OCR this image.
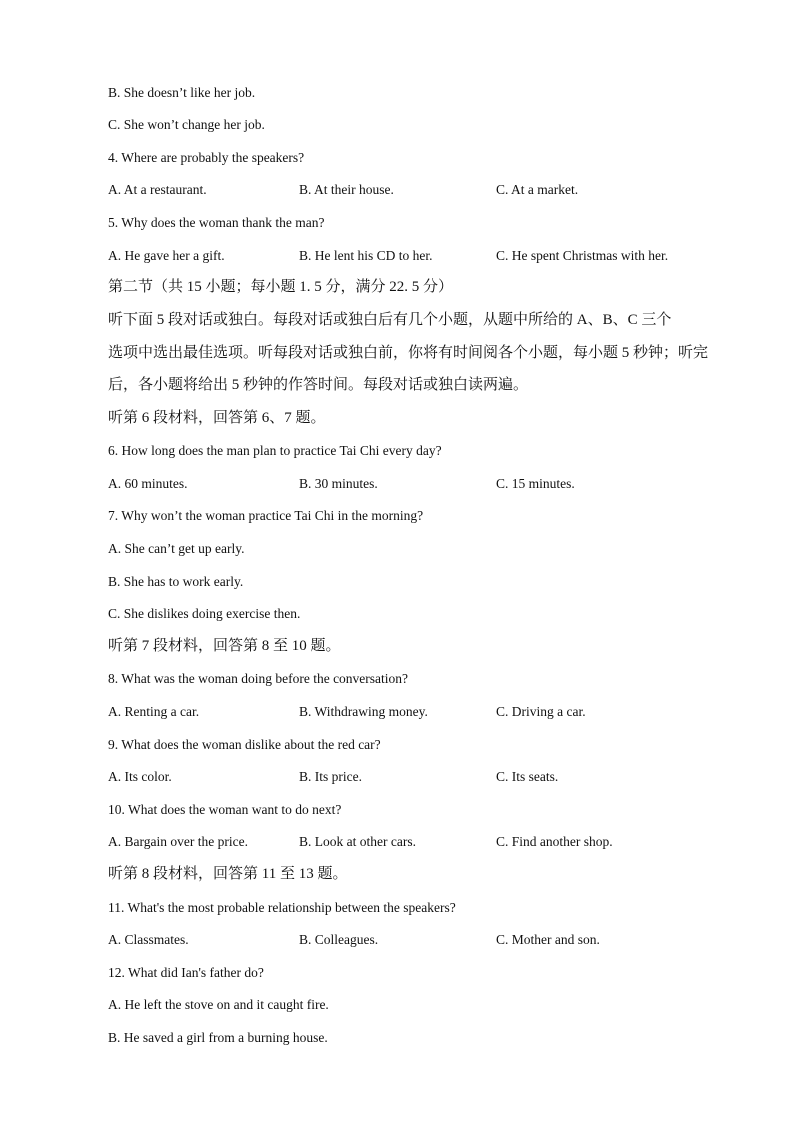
B. She doesn’t like her job.
C. She won’t change her job.
4. Where are probably the speakers?
A. At a restaurant.	B. At their house.	C. At a market.
5. Why does the woman thank the man?
A. He gave her a gift.	B. He lent his CD to her.	C. He spent Christmas with her.
第二节（共 15 小题；每小题 1. 5 分，满分 22. 5 分）
听下面 5 段对话或独白。每段对话或独白后有几个小题，从题中所给的 A、B、C 三个
选项中选出最佳选项。听每段对话或独白前，你将有时间阅各个小题，每小题 5 秒钟；听完
后，各小题将给出 5 秒钟的作答时间。每段对话或独白读两遍。
听第 6 段材料，回答第 6、7 题。
6. How long does the man plan to practice Tai Chi every day?
A. 60 minutes.	B. 30 minutes.	C. 15 minutes.
7. Why won’t the woman practice Tai Chi in the morning?
A. She can’t get up early.
B. She has to work early.
C. She dislikes doing exercise then.
听第 7 段材料，回答第 8 至 10 题。
8. What was the woman doing before the conversation?
A. Renting a car.	B. Withdrawing money.	C. Driving a car.
9. What does the woman dislike about the red car?
A. Its color.	B. Its price.	C. Its seats.
10. What does the woman want to do next?
A. Bargain over the price.	B. Look at other cars.	C. Find another shop.
听第 8 段材料，回答第 11 至 13 题。
11. What's the most probable relationship between the speakers?
A. Classmates.	B. Colleagues.	C. Mother and son.
12. What did Ian's father do?
A. He left the stove on and it caught fire.
B. He saved a girl from a burning house.
